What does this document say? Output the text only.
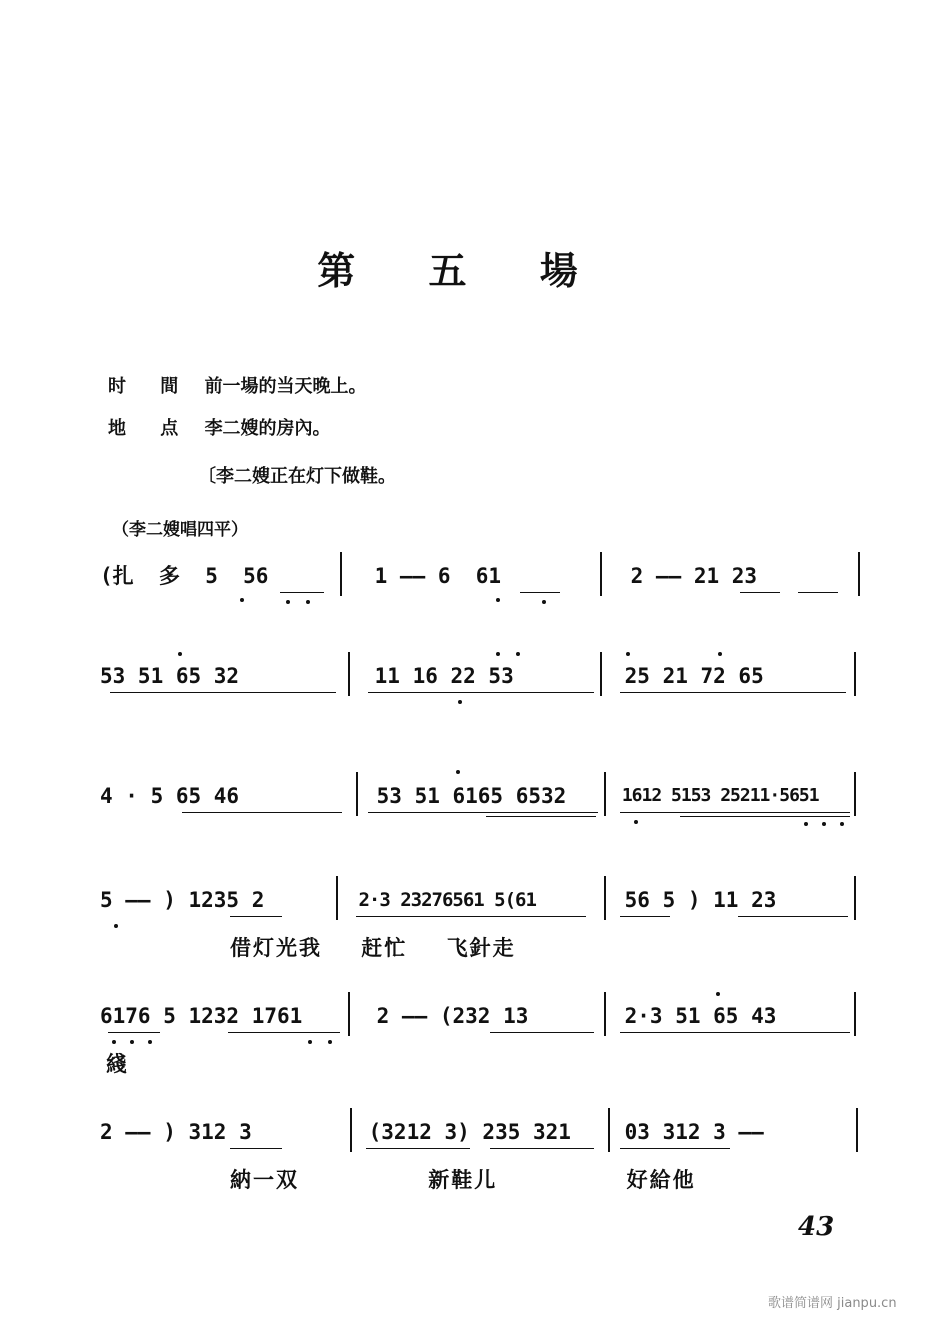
第 五 場
时 間 前一場的当天晚上。
地 点 李二嫂的房內。
〔李二嫂正在灯下做鞋。
（李二嫂唱四平）
(扎  多  5  56	1 —— 6  61	2 —— 21 23
53 51 65 32	11 16 22 53	25 21 72 65
4 · 5 65 46	53 51 6165 6532	1612 5153 25211·5651
5 —— ) 1235 2	2·3 23276561 5(61	56 5 ) 11 23
借灯光我 赶忙 飞針走
6176 5 1232 1761	2 —— (232 13	2·3 51 65 43
綫
2 —— ) 312 3	(3212 3) 235 321	03 312 3 ——
納一双 新鞋儿 好給他
43
歌谱简谱网 jianpu.cn
